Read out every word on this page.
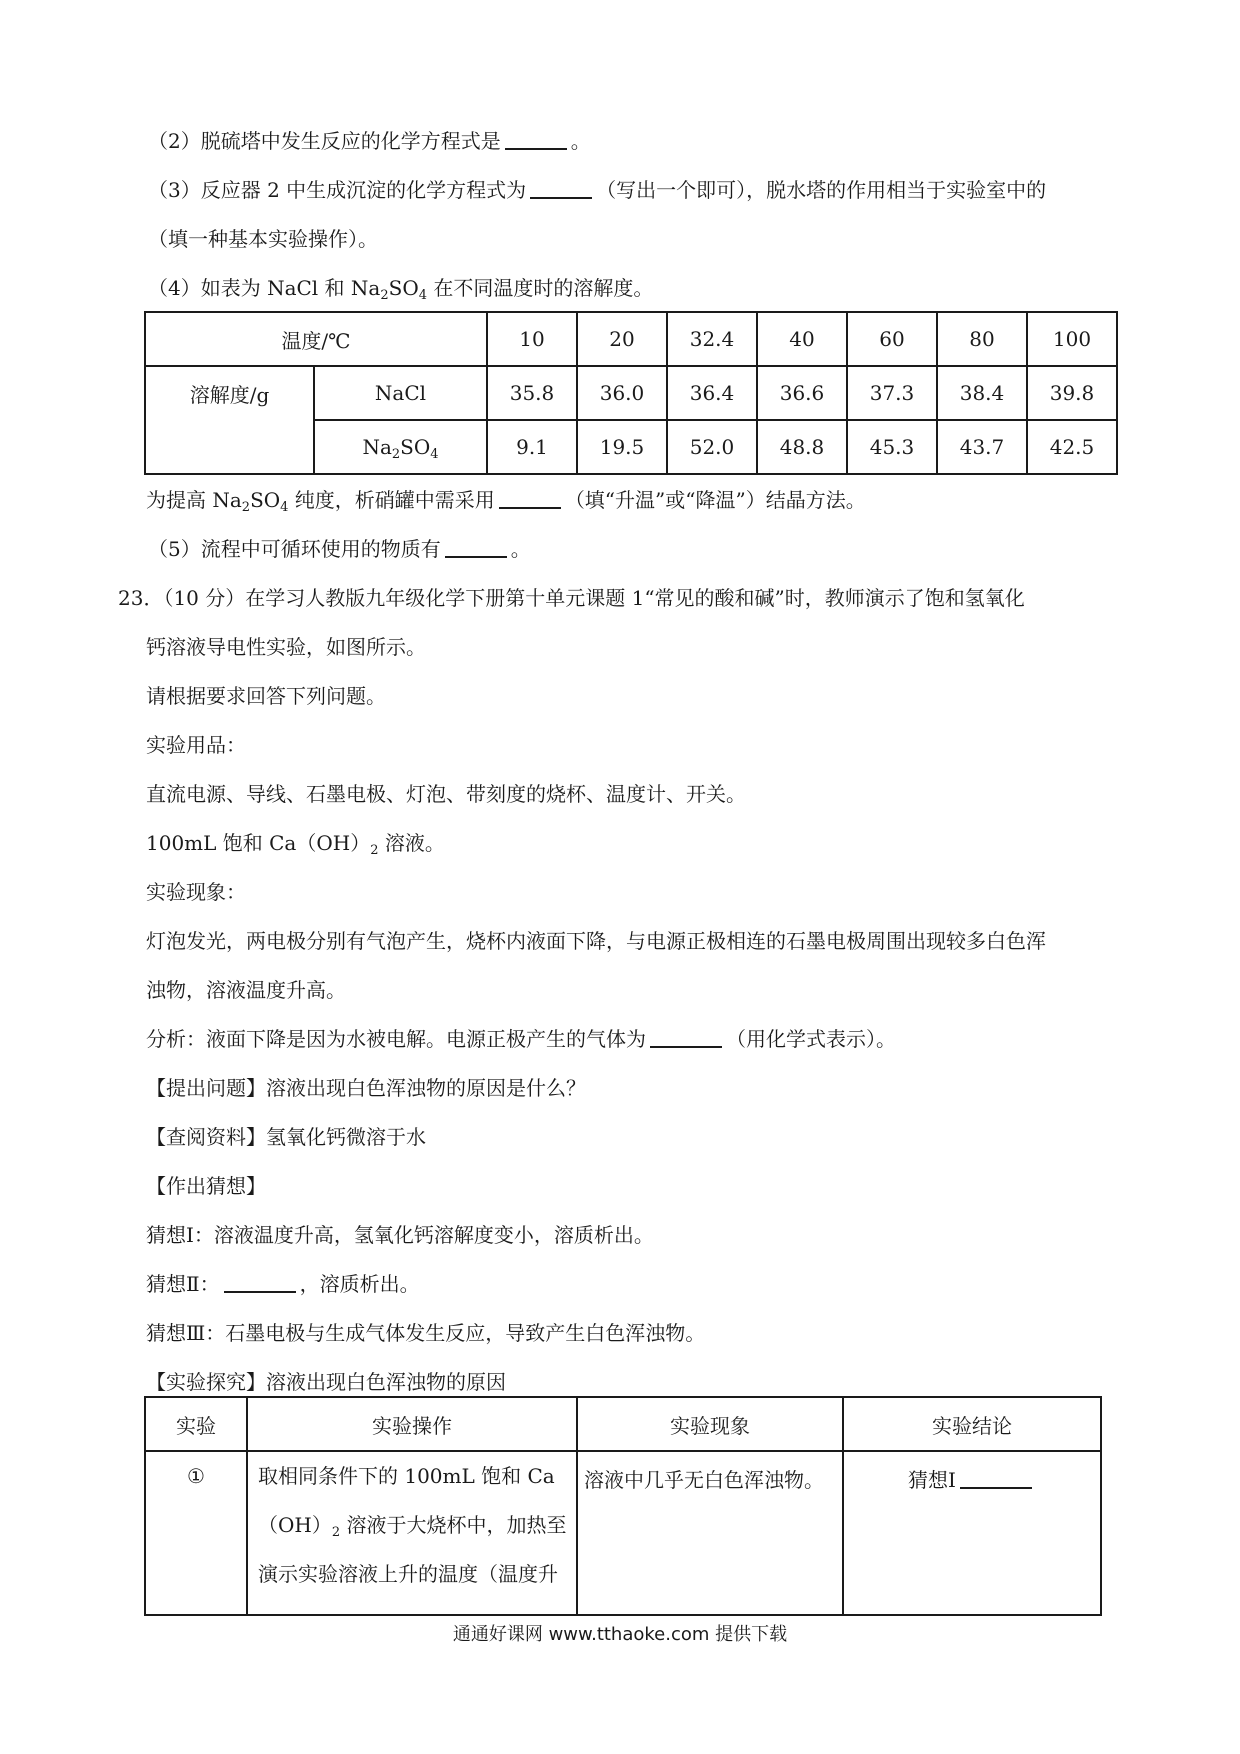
（2）脱硫塔中发生反应的化学方程式是	。
（3）反应器 2 中生成沉淀的化学方程式为	（写出一个即可），脱水塔的作用相当于实验室中的
（填一种基本实验操作）。
（4）如表为 NaCl 和 $Na_2SO_4$ 在不同温度时的溶解度。
温度/℃		10	20	32.4	40	60	80	100
溶解度/g	NaCl	35.8	36.0	36.4	36.6	37.3	38.4	39.8
	$Na_2SO_4$	9.1	19.5	52.0	48.8	45.3	43.7	42.5
为提高 $Na_2SO_4$ 纯度，析硝罐中需采用	（填“升温”或“降温”）结晶方法。
（5）流程中可循环使用的物质有	。
23．（10 分）在学习人教版九年级化学下册第十单元课题 1“常见的酸和碱”时，教师演示了饱和氢氧化
钙溶液导电性实验，如图所示。
请根据要求回答下列问题。
实验用品：
直流电源、导线、石墨电极、灯泡、带刻度的烧杯、温度计、开关。
100mL 饱和 $Ca(OH)_2$ 溶液。
实验现象：
灯泡发光，两电极分别有气泡产生，烧杯内液面下降，与电源正极相连的石墨电极周围出现较多白色浑
浊物，溶液温度升高。
分析：液面下降是因为水被电解。电源正极产生的气体为	（用化学式表示）。
【提出问题】溶液出现白色浑浊物的原因是什么？
【查阅资料】氢氧化钙微溶于水
【作出猜想】
猜想Ⅰ：溶液温度升高，氢氧化钙溶解度变小，溶质析出。
猜想Ⅱ：	，溶质析出。
猜想Ⅲ：石墨电极与生成气体发生反应，导致产生白色浑浊物。
【实验探究】溶液出现白色浑浊物的原因
实验	实验操作	实验现象	实验结论
①	取相同条件下的 100mL 饱和 Ca
$(OH)_2$ 溶液于大烧杯中，加热至
演示实验溶液上升的温度（温度升	溶液中几乎无白色浑浊物。	猜想Ⅰ
通通好课网 www.tthaoke.com 提供下载
